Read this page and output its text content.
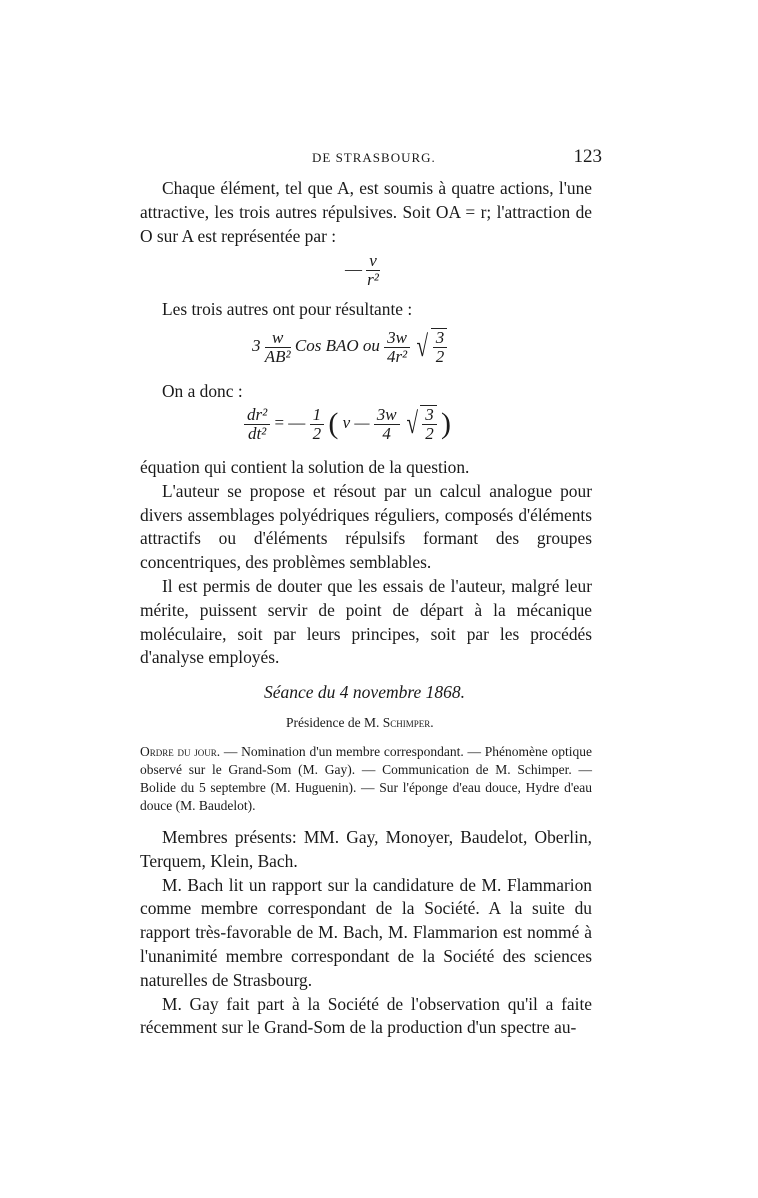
DE STRASBOURG.	123

Chaque élément, tel que A, est soumis à quatre actions, l'une attractive, les trois autres répulsives. Soit OA = r; l'attraction de O sur A est représentée par :

— $\frac{v}{\text{r²}}$

Les trois autres ont pour résultante :

$3 \frac{w}{\text{AB²}}$ Cos BAO ou $\frac{3w}{\text{4r²}}$ √ $\frac{3}{2}$

On a donc :

$\frac{\text{dr²}}{\text{dt²}}$ = — $\frac{1}{2}$ ( v — $\frac{3w}{4}$ √ $\frac{3}{2}$ )

équation qui contient la solution de la question.

L'auteur se propose et résout par un calcul analogue pour divers assemblages polyédriques réguliers, composés d'éléments attractifs ou d'éléments répulsifs formant des groupes concentriques, des problèmes semblables.

Il est permis de douter que les essais de l'auteur, malgré leur mérite, puissent servir de point de départ à la mécanique moléculaire, soit par leurs principes, soit par les procédés d'analyse employés.

Séance du 4 novembre 1868.
Présidence de M. Schimper.
Ordre du jour. — Nomination d'un membre correspondant. — Phénomène optique observé sur le Grand-Som (M. Gay). — Communication de M. Schimper. — Bolide du 5 septembre (M. Huguenin). — Sur l'éponge d'eau douce, Hydre d'eau douce (M. Baudelot).

Membres présents: MM. Gay, Monoyer, Baudelot, Oberlin, Terquem, Klein, Bach.

M. Bach lit un rapport sur la candidature de M. Flammarion comme membre correspondant de la Société. A la suite du rapport très-favorable de M. Bach, M. Flammarion est nommé à l'unanimité membre correspondant de la Société des sciences naturelles de Strasbourg.

M. Gay fait part à la Société de l'observation qu'il a faite récemment sur le Grand-Som de la production d'un spectre au-
